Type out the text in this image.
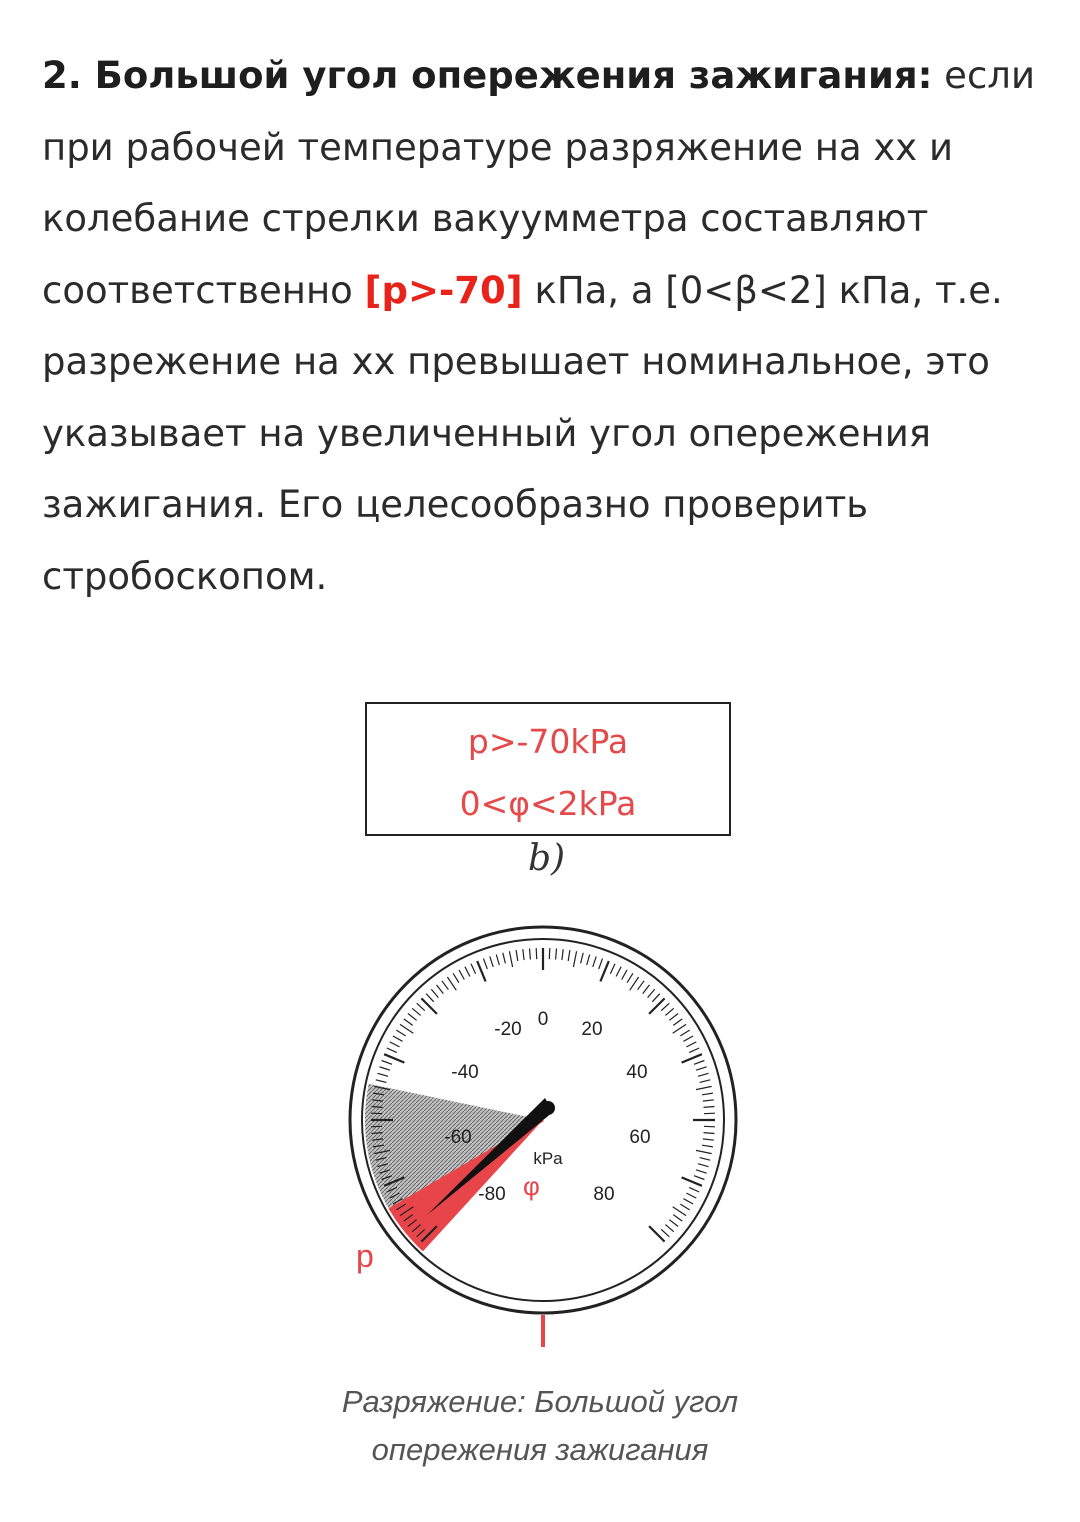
2. Большой угол опережения зажигания: если при рабочей температуре разряжение на хх и колебание стрелки вакуумметра составляют соответственно [p>-70] кПа, а [0<β<2] кПа, т.е. разрежение на хх превышает номинальное, это указывает на увеличенный угол опережения зажигания. Его целесообразно проверить стробоскопом.
p>-70kPa
0<φ<2kPa
b)
-20 0 20
-40	40
-60	60
-80	80
kPa
φ
p
Разряжение: Большой угол
опережения зажигания
